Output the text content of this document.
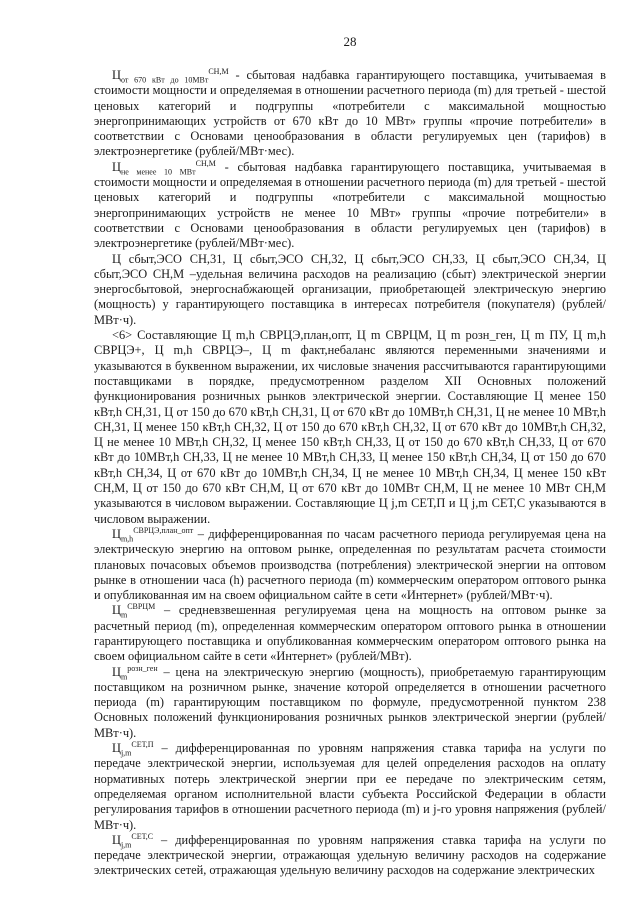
28

$Ц_{от 670 кВт до 10МВт}^{СН,М}$ - сбытовая надбавка гарантирующего поставщика, учитываемая в стоимости мощности и определяемая в отношении расчетного периода (m) для третьей - шестой ценовых категорий и подгруппы «потребители с максимальной мощностью энергопринимающих устройств от 670 кВт до 10 МВт» группы «прочие потребители» в соответствии с Основами ценообразования в области регулируемых цен (тарифов) в электроэнергетике (рублей/МВт·мес).

$Ц_{не менее 10 МВт}^{СН,М}$ - сбытовая надбавка гарантирующего поставщика, учитываемая в стоимости мощности и определяемая в отношении расчетного периода (m) для третьей - шестой ценовых категорий и подгруппы «потребители с максимальной мощностью энергопринимающих устройств не менее 10 МВт» группы «прочие потребители» в соответствии с Основами ценообразования в области регулируемых цен (тарифов) в электроэнергетике (рублей/МВт·мес).

Ц сбыт,ЭСО СН,31, Ц сбыт,ЭСО СН,32, Ц сбыт,ЭСО СН,33, Ц сбыт,ЭСО СН,34, Ц сбыт,ЭСО СН,М –удельная величина расходов на реализацию (сбыт) электрической энергии энергосбытовой, энергоснабжающей организации, приобретающей электрическую энергию (мощность) у гарантирующего поставщика в интересах потребителя (покупателя) (рублей/МВт·ч).

<6> Составляющие Ц m,h СВРЦЭ,план,опт, Ц m СВРЦМ, Ц m розн_ген, Ц m ПУ, Ц m,h СВРЦЭ+, Ц m,h СВРЦЭ–, Ц m факт,небаланс являются переменными значениями и указываются в буквенном выражении, их числовые значения рассчитываются гарантирующими поставщиками в порядке, предусмотренном разделом XII Основных положений функционирования розничных рынков электрической энергии. Составляющие Ц менее 150 кВт,h СН,31, Ц от 150 до 670 кВт,h СН,31, Ц от 670 кВт до 10МВт,h СН,31, Ц не менее 10 МВт,h СН,31, Ц менее 150 кВт,h СН,32, Ц от 150 до 670 кВт,h СН,32, Ц от 670 кВт до 10МВт,h СН,32, Ц не менее 10 МВт,h СН,32, Ц менее 150 кВт,h СН,33, Ц от 150 до 670 кВт,h СН,33, Ц от 670 кВт до 10МВт,h СН,33, Ц не менее 10 МВт,h СН,33, Ц менее 150 кВт,h СН,34, Ц от 150 до 670 кВт,h СН,34, Ц от 670 кВт до 10МВт,h СН,34, Ц не менее 10 МВт,h СН,34, Ц менее 150 кВт СН,М, Ц от 150 до 670 кВт СН,М, Ц от 670 кВт до 10МВт СН,М, Ц не менее 10 МВт СН,М указываются в числовом выражении. Составляющие Ц j,m СЕТ,П и Ц j,m СЕТ,С указываются в числовом выражении.

$Ц_{m,h}^{СВРЦЭ,план\_опт}$ – дифференцированная по часам расчетного периода регулируемая цена на электрическую энергию на оптовом рынке, определенная по результатам расчета стоимости плановых почасовых объемов производства (потребления) электрической энергии на оптовом рынке в отношении часа (h) расчетного периода (m) коммерческим оператором оптового рынка и опубликованная им на своем официальном сайте в сети «Интернет» (рублей/МВт·ч).

$Ц_m^{СВРЦМ}$ – средневзвешенная регулируемая цена на мощность на оптовом рынке за расчетный период (m), определенная коммерческим оператором оптового рынка в отношении гарантирующего поставщика и опубликованная коммерческим оператором оптового рынка на своем официальном сайте в сети «Интернет» (рублей/МВт).

$Ц_m^{розн\_ген}$ – цена на электрическую энергию (мощность), приобретаемую гарантирующим поставщиком на розничном рынке, значение которой определяется в отношении расчетного периода (m) гарантирующим поставщиком по формуле, предусмотренной пунктом 238 Основных положений функционирования розничных рынков электрической энергии (рублей/МВт·ч).

$Ц_{j,m}^{СЕТ,П}$ – дифференцированная по уровням напряжения ставка тарифа на услуги по передаче электрической энергии, используемая для целей определения расходов на оплату нормативных потерь электрической энергии при ее передаче по электрическим сетям, определяемая органом исполнительной власти субъекта Российской Федерации в области регулирования тарифов в отношении расчетного периода (m) и j-го уровня напряжения (рублей/МВт·ч).

$Ц_{j,m}^{СЕТ,С}$ – дифференцированная по уровням напряжения ставка тарифа на услуги по передаче электрической энергии, отражающая удельную величину расходов на содержание электрических сетей, отражающая удельную величину расходов на содержание электрических
